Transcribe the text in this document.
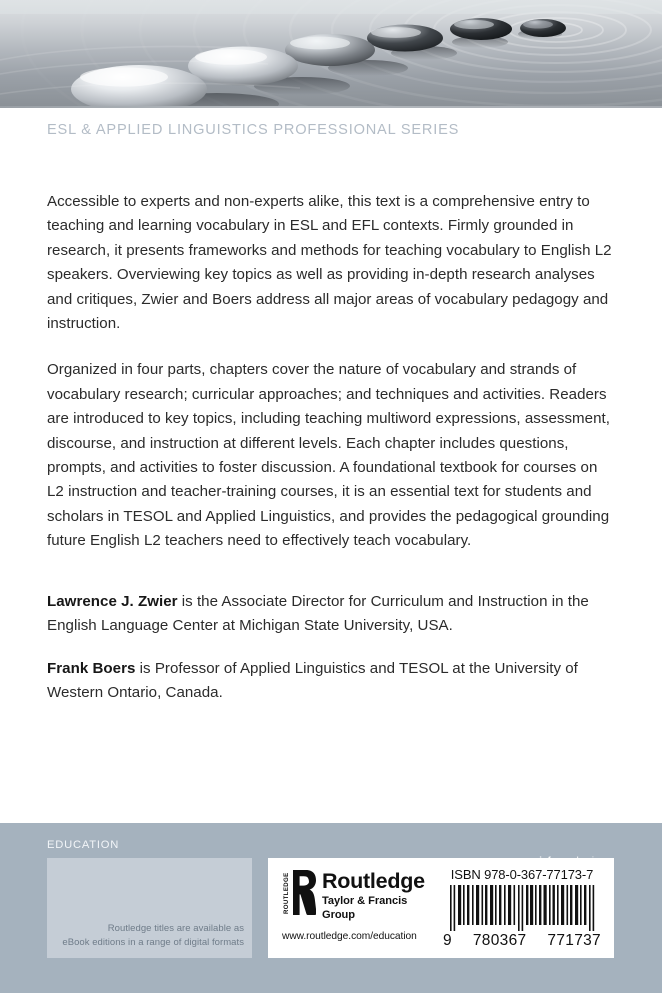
ESL & APPLIED LINGUISTICS PROFESSIONAL SERIES

Accessible to experts and non-experts alike, this text is a comprehensive entry to teaching and learning vocabulary in ESL and EFL contexts. Firmly grounded in research, it presents frameworks and methods for teaching vocabulary to English L2 speakers. Overviewing key topics as well as providing in-depth research analyses and critiques, Zwier and Boers address all major areas of vocabulary pedagogy and instruction.

Organized in four parts, chapters cover the nature of vocabulary and strands of vocabulary research; curricular approaches; and techniques and activities. Readers are introduced to key topics, including teaching multiword expressions, assessment, discourse, and instruction at different levels. Each chapter includes questions, prompts, and activities to foster discussion. A foundational textbook for courses on L2 instruction and teacher-training courses, it is an essential text for students and scholars in TESOL and Applied Linguistics, and provides the pedagogical grounding future English L2 teachers need to effectively teach vocabulary.

Lawrence J. Zwier is the Associate Director for Curriculum and Instruction in the English Language Center at Michigan State University, USA.

Frank Boers is Professor of Applied Linguistics and TESOL at the University of Western Ontario, Canada.

EDUCATION
Routledge titles are available as
eBook editions in a range of digital formats
ROUTLEDGE Routledge
Taylor & Francis Group
www.routledge.com/education
ISBN 978-0-367-77173-7
9 780367 771737
